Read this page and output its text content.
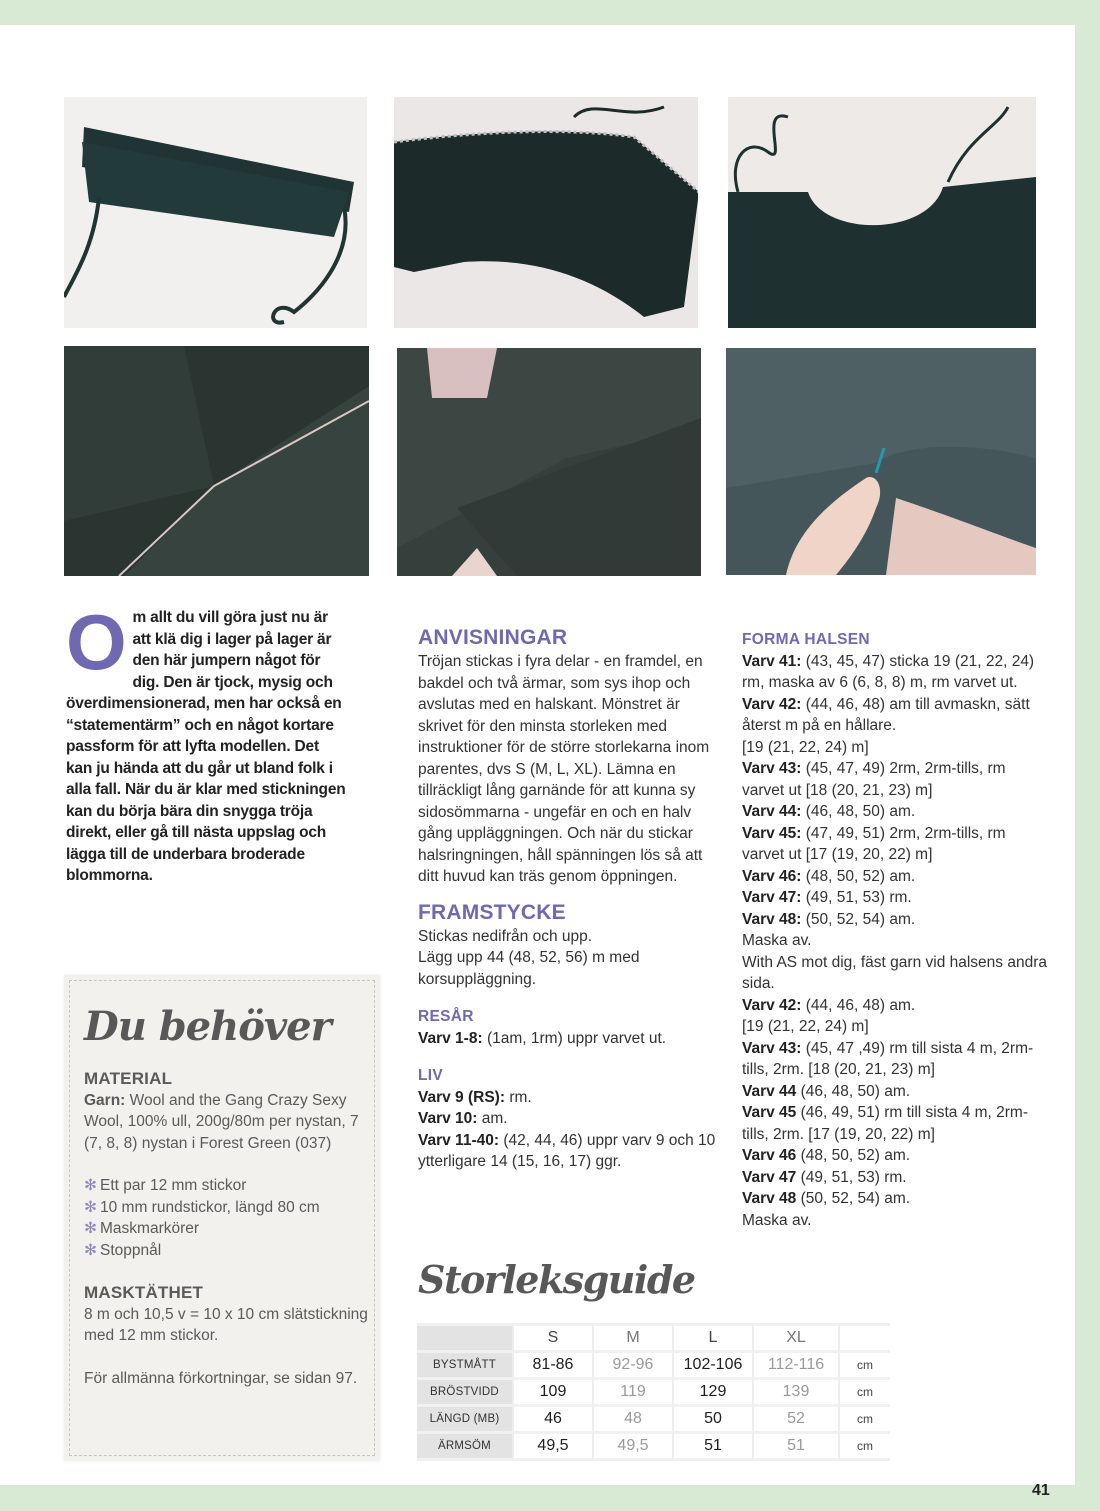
O m allt du vill göra just nu är att klä dig i lager på lager är den här jumpern något för dig. Den är tjock, mysig och överdimensionerad, men har också en “statementärm” och en något kortare passform för att lyfta modellen. Det kan ju hända att du går ut bland folk i alla fall. När du är klar med stickningen kan du börja bära din snygga tröja direkt, eller gå till nästa uppslag och lägga till de underbara broderade blommorna.
Du behöver
MATERIAL
Garn: Wool and the Gang Crazy Sexy Wool, 100% ull, 200g/80m per nystan, 7 (7, 8, 8) nystan i Forest Green (037)
✻ Ett par 12 mm stickor
✻ 10 mm rundstickor, längd 80 cm
✻ Maskmarkörer
✻ Stoppnål
MASKTÄTHET
8 m och 10,5 v = 10 x 10 cm slätstickning med 12 mm stickor.
För allmänna förkortningar, se sidan 97.
ANVISNINGAR

Tröjan stickas i fyra delar - en framdel, en bakdel och två ärmar, som sys ihop och avslutas med en halskant. Mönstret är skrivet för den minsta storleken med instruktioner för de större storlekarna inom parentes, dvs S (M, L, XL). Lämna en tillräckligt lång garnände för att kunna sy sidosömmarna - ungefär en och en halv gång uppläggningen. Och när du stickar halsringningen, håll spänningen lös så att ditt huvud kan träs genom öppningen.

FRAMSTYCKE

Stickas nedifrån och upp.

Lägg upp 44 (48, 52, 56) m med korsuppläggning.

RESÅR

Varv 1-8: (1am, 1rm) uppr varvet ut.

LIV

Varv 9 (RS): rm.

Varv 10: am.

Varv 11-40: (42, 44, 46) uppr varv 9 och 10 ytterligare 14 (15, 16, 17) ggr.

FORMA HALSEN

Varv 41: (43, 45, 47) sticka 19 (21, 22, 24) rm, maska av 6 (6, 8, 8) m, rm varvet ut.

Varv 42: (44, 46, 48) am till avmaskn, sätt återst m på en hållare.

[19 (21, 22, 24) m]

Varv 43: (45, 47, 49) 2rm, 2rm-tills, rm varvet ut [18 (20, 21, 23) m]

Varv 44: (46, 48, 50) am.

Varv 45: (47, 49, 51) 2rm, 2rm-tills, rm varvet ut [17 (19, 20, 22) m]

Varv 46: (48, 50, 52) am.

Varv 47: (49, 51, 53) rm.

Varv 48: (50, 52, 54) am.

Maska av.

With AS mot dig, fäst garn vid halsens andra sida.

Varv 42: (44, 46, 48) am.

[19 (21, 22, 24) m]

Varv 43: (45, 47 ,49) rm till sista 4 m, 2rm-tills, 2rm. [18 (20, 21, 23) m]

Varv 44 (46, 48, 50) am.

Varv 45 (46, 49, 51) rm till sista 4 m, 2rm-tills, 2rm. [17 (19, 20, 22) m]

Varv 46 (48, 50, 52) am.

Varv 47 (49, 51, 53) rm.

Varv 48 (50, 52, 54) am.

Maska av.

Storleksguide
	S	M	L	XL	
BYSTMÅTT	81-86	92-96	102-106	112-116	cm
BRÖSTVIDD	109	119	129	139	cm
LÄNGD (MB)	46	48	50	52	cm
ÄRMSÖM	49,5	49,5	51	51	cm
41
